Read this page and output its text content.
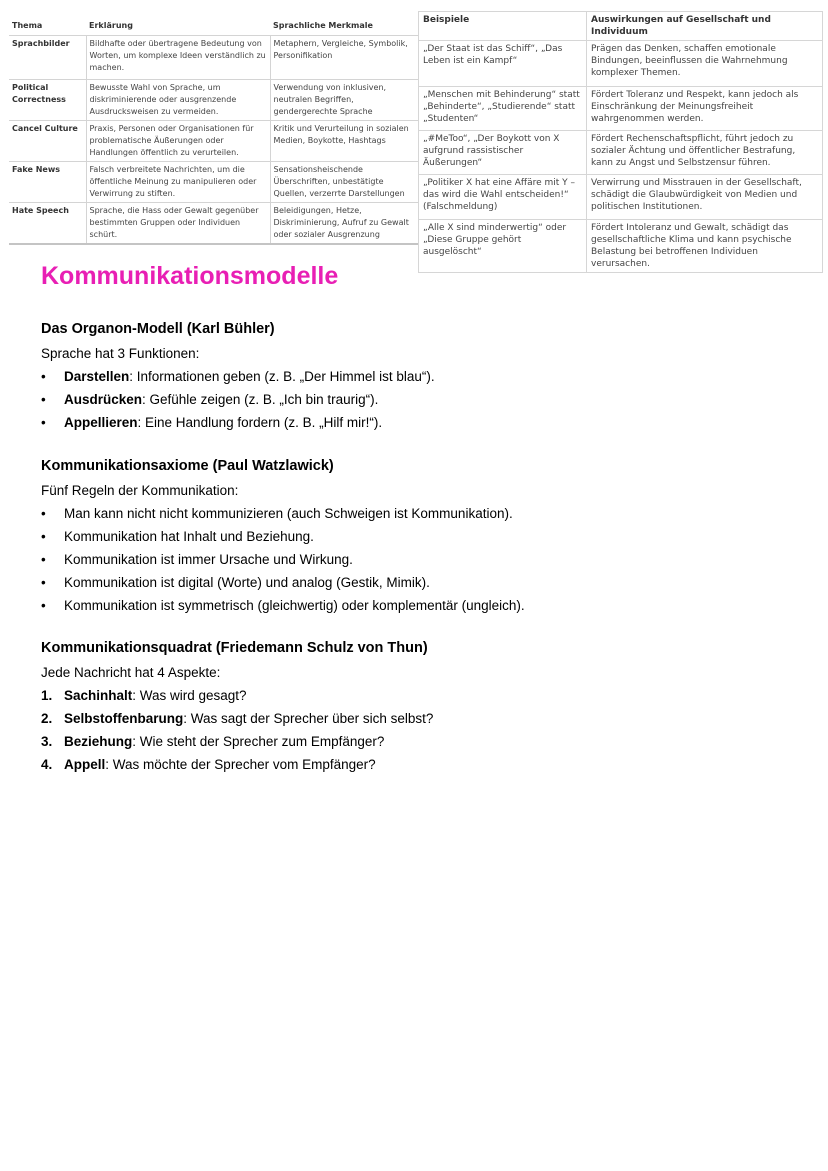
Thema	Erklärung	Sprachliche Merkmale
Sprachbilder	Bildhafte oder übertragene Bedeutung von Worten, um komplexe Ideen verständlich zu machen.	Metaphern, Vergleiche, Symbolik, Personifikation
Political Correctness	Bewusste Wahl von Sprache, um diskriminierende oder ausgrenzende Ausdrucksweisen zu vermeiden.	Verwendung von inklusiven, neutralen Begriffen, gendergerechte Sprache
Cancel Culture	Praxis, Personen oder Organisationen für problematische Äußerungen oder Handlungen öffentlich zu verurteilen.	Kritik und Verurteilung in sozialen Medien, Boykotte, Hashtags
Fake News	Falsch verbreitete Nachrichten, um die öffentliche Meinung zu manipulieren oder Verwirrung zu stiften.	Sensationsheischende Überschriften, unbestätigte Quellen, verzerrte Darstellungen
Hate Speech	Sprache, die Hass oder Gewalt gegenüber bestimmten Gruppen oder Individuen schürt.	Beleidigungen, Hetze, Diskriminierung, Aufruf zu Gewalt oder sozialer Ausgrenzung
Beispiele	Auswirkungen auf Gesellschaft und Individuum
„Der Staat ist das Schiff“, „Das Leben ist ein Kampf“	Prägen das Denken, schaffen emotionale Bindungen, beeinflussen die Wahrnehmung komplexer Themen.
„Menschen mit Behinderung“ statt „Behinderte“, „Studierende“ statt „Studenten“	Fördert Toleranz und Respekt, kann jedoch als Einschränkung der Meinungsfreiheit wahrgenommen werden.
„#MeToo“, „Der Boykott von X aufgrund rassistischer Äußerungen“	Fördert Rechenschaftspflicht, führt jedoch zu sozialer Ächtung und öffentlicher Bestrafung, kann zu Angst und Selbstzensur führen.
„Politiker X hat eine Affäre mit Y – das wird die Wahl entscheiden!“ (Falschmeldung)	Verwirrung und Misstrauen in der Gesellschaft, schädigt die Glaubwürdigkeit von Medien und politischen Institutionen.
„Alle X sind minderwertig“ oder „Diese Gruppe gehört ausgelöscht“	Fördert Intoleranz und Gewalt, schädigt das gesellschaftliche Klima und kann psychische Belastung bei betroffenen Individuen verursachen.
Kommunikationsmodelle
Das Organon-Modell (Karl Bühler)

Sprache hat 3 Funktionen:

• Darstellen: Informationen geben (z. B. „Der Himmel ist blau“).
• Ausdrücken: Gefühle zeigen (z. B. „Ich bin traurig“).
• Appellieren: Eine Handlung fordern (z. B. „Hilf mir!“).
Kommunikationsaxiome (Paul Watzlawick)

Fünf Regeln der Kommunikation:

• Man kann nicht nicht kommunizieren (auch Schweigen ist Kommunikation).
• Kommunikation hat Inhalt und Beziehung.
• Kommunikation ist immer Ursache und Wirkung.
• Kommunikation ist digital (Worte) und analog (Gestik, Mimik).
• Kommunikation ist symmetrisch (gleichwertig) oder komplementär (ungleich).
Kommunikationsquadrat (Friedemann Schulz von Thun)

Jede Nachricht hat 4 Aspekte:

1. Sachinhalt: Was wird gesagt?
2. Selbstoffenbarung: Was sagt der Sprecher über sich selbst?
3. Beziehung: Wie steht der Sprecher zum Empfänger?
4. Appell: Was möchte der Sprecher vom Empfänger?
